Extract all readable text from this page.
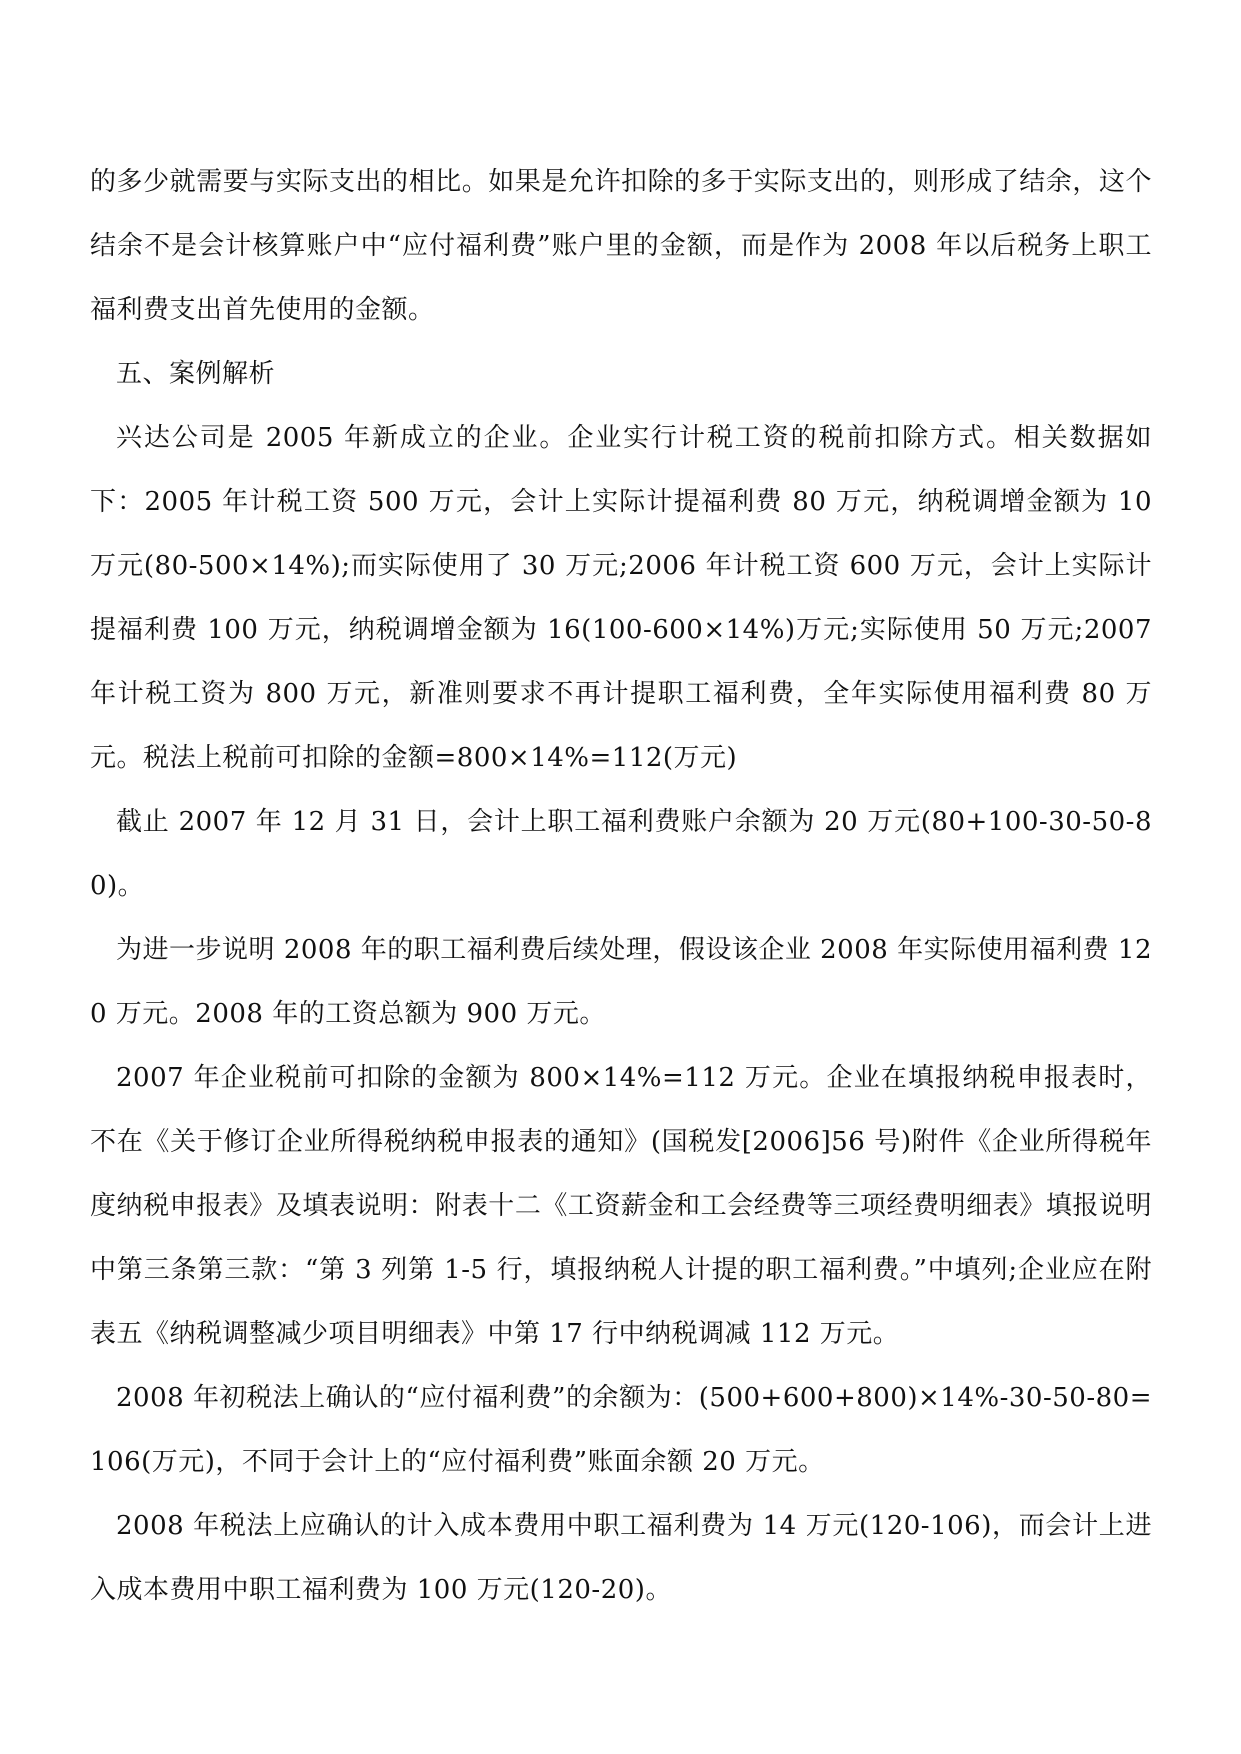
的多少就需要与实际支出的相比。如果是允许扣除的多于实际支出的，则形成了结余，这个结余不是会计核算账户中“应付福利费”账户里的金额，而是作为 2008 年以后税务上职工福利费支出首先使用的金额。

五、案例解析

兴达公司是 2005 年新成立的企业。企业实行计税工资的税前扣除方式。相关数据如下：2005 年计税工资 500 万元，会计上实际计提福利费 80 万元，纳税调增金额为 10 万元(80-500×14%);而实际使用了 30 万元;2006 年计税工资 600 万元，会计上实际计提福利费 100 万元，纳税调增金额为 16(100-600×14%)万元;实际使用 50 万元;2007 年计税工资为 800 万元，新准则要求不再计提职工福利费，全年实际使用福利费 80 万元。税法上税前可扣除的金额=800×14%=112(万元)

截止 2007 年 12 月 31 日，会计上职工福利费账户余额为 20 万元(80+100-30-50-80)。

为进一步说明 2008 年的职工福利费后续处理，假设该企业 2008 年实际使用福利费 120 万元。2008 年的工资总额为 900 万元。

2007 年企业税前可扣除的金额为 800×14%=112 万元。企业在填报纳税申报表时，不在《关于修订企业所得税纳税申报表的通知》(国税发[2006]56 号)附件《企业所得税年度纳税申报表》及填表说明：附表十二《工资薪金和工会经费等三项经费明细表》填报说明中第三条第三款：“第 3 列第 1-5 行，填报纳税人计提的职工福利费。”中填列;企业应在附表五《纳税调整减少项目明细表》中第 17 行中纳税调减 112 万元。

2008 年初税法上确认的“应付福利费”的余额为：(500+600+800)×14%-30-50-80=106(万元)，不同于会计上的“应付福利费”账面余额 20 万元。

2008 年税法上应确认的计入成本费用中职工福利费为 14 万元(120-106)，而会计上进入成本费用中职工福利费为 100 万元(120-20)。
